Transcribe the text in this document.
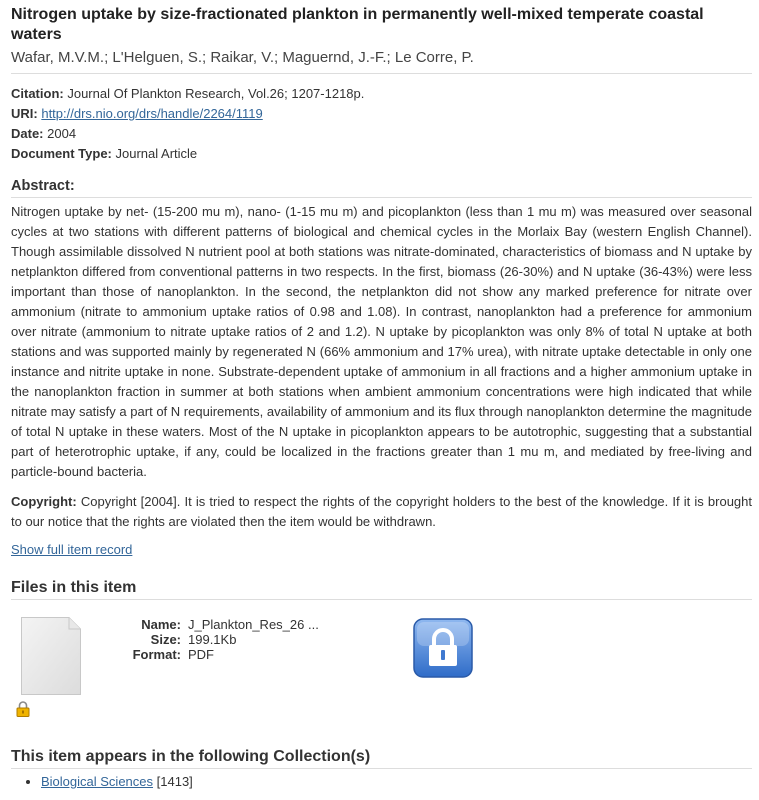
Nitrogen uptake by size-fractionated plankton in permanently well-mixed temperate coastal waters
Wafar, M.V.M.; L'Helguen, S.; Raikar, V.; Maguernd, J.-F.; Le Corre, P.
Citation: Journal Of Plankton Research, Vol.26; 1207-1218p.
URI: http://drs.nio.org/drs/handle/2264/1119
Date: 2004
Document Type: Journal Article
Abstract:
Nitrogen uptake by net- (15-200 mu m), nano- (1-15 mu m) and picoplankton (less than 1 mu m) was measured over seasonal cycles at two stations with different patterns of biological and chemical cycles in the Morlaix Bay (western English Channel). Though assimilable dissolved N nutrient pool at both stations was nitrate-dominated, characteristics of biomass and N uptake by netplankton differed from conventional patterns in two respects. In the first, biomass (26-30%) and N uptake (36-43%) were less important than those of nanoplankton. In the second, the netplankton did not show any marked preference for nitrate over ammonium (nitrate to ammonium uptake ratios of 0.98 and 1.08). In contrast, nanoplankton had a preference for ammonium over nitrate (ammonium to nitrate uptake ratios of 2 and 1.2). N uptake by picoplankton was only 8% of total N uptake at both stations and was supported mainly by regenerated N (66% ammonium and 17% urea), with nitrate uptake detectable in only one instance and nitrite uptake in none. Substrate-dependent uptake of ammonium in all fractions and a higher ammonium uptake in the nanoplankton fraction in summer at both stations when ambient ammonium concentrations were high indicated that while nitrate may satisfy a part of N requirements, availability of ammonium and its flux through nanoplankton determine the magnitude of total N uptake in these waters. Most of the N uptake in picoplankton appears to be autotrophic, suggesting that a substantial part of heterotrophic uptake, if any, could be localized in the fractions greater than 1 mu m, and mediated by free-living and particle-bound bacteria.
Copyright: Copyright [2004]. It is tried to respect the rights of the copyright holders to the best of the knowledge. If it is brought to our notice that the rights are violated then the item would be withdrawn.
Show full item record
Files in this item
Name: J_Plankton_Res_26 ...
Size: 199.1Kb
Format: PDF
This item appears in the following Collection(s)
• Biological Sciences [1413]
